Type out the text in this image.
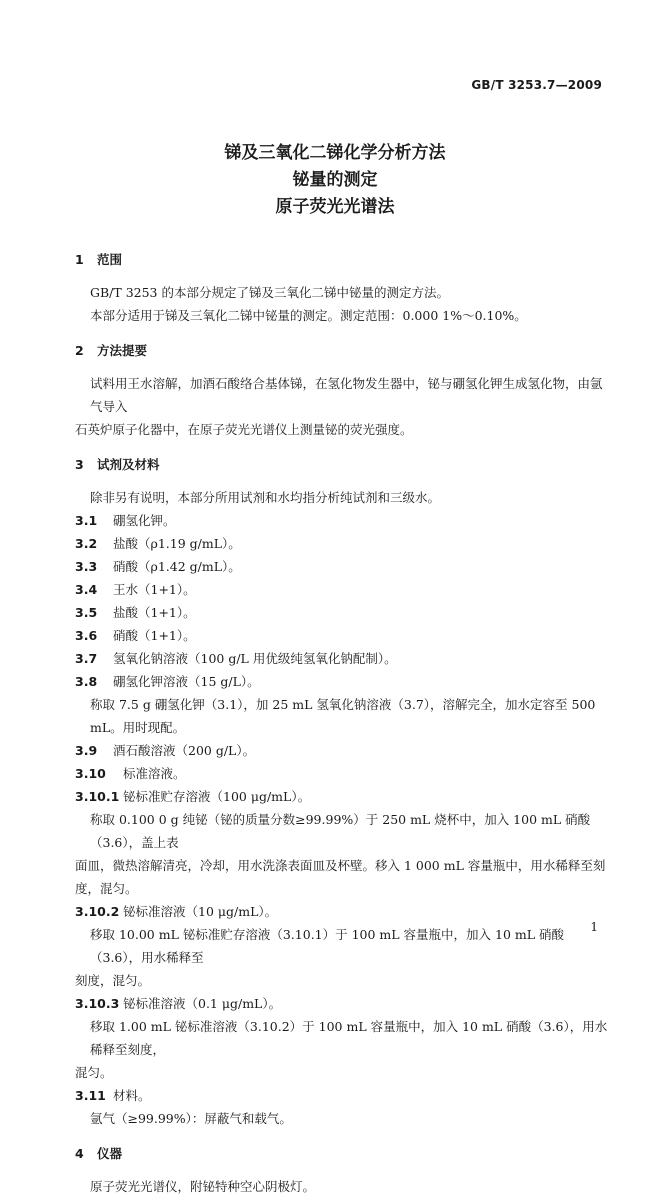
GB/T 3253.7—2009
锑及三氧化二锑化学分析方法
铋量的测定
原子荧光光谱法

1 范围

GB/T 3253 的本部分规定了锑及三氧化二锑中铋量的测定方法。

本部分适用于锑及三氧化二锑中铋量的测定。测定范围：0.000 1%～0.10%。

2 方法提要

试料用王水溶解，加酒石酸络合基体锑，在氢化物发生器中，铋与硼氢化钾生成氢化物，由氩气导入

石英炉原子化器中，在原子荧光光谱仪上测量铋的荧光强度。

3 试剂及材料

除非另有说明，本部分所用试剂和水均指分析纯试剂和三级水。

3.1 硼氢化钾。

3.2 盐酸（ρ1.19 g/mL）。

3.3 硝酸（ρ1.42 g/mL）。

3.4 王水（1+1）。

3.5 盐酸（1+1）。

3.6 硝酸（1+1）。

3.7 氢氧化钠溶液（100 g/L 用优级纯氢氧化钠配制）。

3.8 硼氢化钾溶液（15 g/L）。

称取 7.5 g 硼氢化钾（3.1），加 25 mL 氢氧化钠溶液（3.7），溶解完全，加水定容至 500 mL。用时现配。

3.9 酒石酸溶液（200 g/L）。

3.10 标准溶液。

3.10.1 铋标准贮存溶液（100 μg/mL）。

称取 0.100 0 g 纯铋（铋的质量分数≥99.99%）于 250 mL 烧杯中，加入 100 mL 硝酸（3.6），盖上表

面皿，微热溶解清亮，冷却，用水洗涤表面皿及杯壁。移入 1 000 mL 容量瓶中，用水稀释至刻度，混匀。

3.10.2 铋标准溶液（10 μg/mL）。

移取 10.00 mL 铋标准贮存溶液（3.10.1）于 100 mL 容量瓶中，加入 10 mL 硝酸（3.6），用水稀释至

刻度，混匀。

3.10.3 铋标准溶液（0.1 μg/mL）。

移取 1.00 mL 铋标准溶液（3.10.2）于 100 mL 容量瓶中，加入 10 mL 硝酸（3.6），用水稀释至刻度，

混匀。

3.11 材料。

氩气（≥99.99%）：屏蔽气和载气。

4 仪器

原子荧光光谱仪，附铋特种空心阴极灯。

1
